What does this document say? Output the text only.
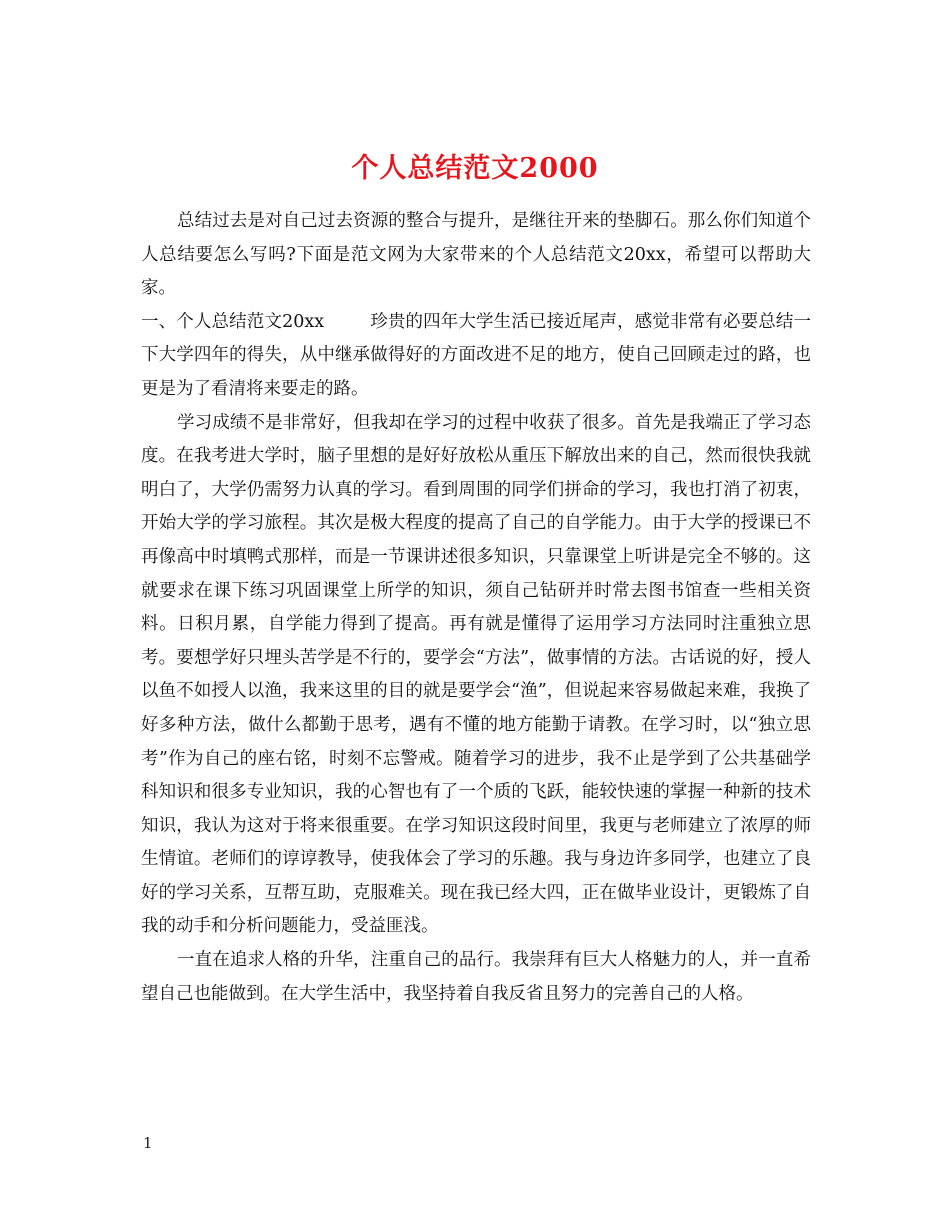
个人总结范文2000

总结过去是对自己过去资源的整合与提升，是继往开来的垫脚石。那么你们知道个人总结要怎么写吗?下面是范文网为大家带来的个人总结范文20xx，希望可以帮助大家。

一、个人总结范文20xx	珍贵的四年大学生活已接近尾声，感觉非常有必要总结一下大学四年的得失，从中继承做得好的方面改进不足的地方，使自己回顾走过的路，也更是为了看清将来要走的路。

学习成绩不是非常好，但我却在学习的过程中收获了很多。首先是我端正了学习态度。在我考进大学时，脑子里想的是好好放松从重压下解放出来的自己，然而很快我就明白了，大学仍需努力认真的学习。看到周围的同学们拼命的学习，我也打消了初衷，开始大学的学习旅程。其次是极大程度的提高了自己的自学能力。由于大学的授课已不再像高中时填鸭式那样，而是一节课讲述很多知识，只靠课堂上听讲是完全不够的。这就要求在课下练习巩固课堂上所学的知识，须自己钻研并时常去图书馆查一些相关资料。日积月累，自学能力得到了提高。再有就是懂得了运用学习方法同时注重独立思考。要想学好只埋头苦学是不行的，要学会“方法”，做事情的方法。古话说的好，授人以鱼不如授人以渔，我来这里的目的就是要学会“渔”，但说起来容易做起来难，我换了好多种方法，做什么都勤于思考，遇有不懂的地方能勤于请教。在学习时，以“独立思考”作为自己的座右铭，时刻不忘警戒。随着学习的进步，我不止是学到了公共基础学科知识和很多专业知识，我的心智也有了一个质的飞跃，能较快速的掌握一种新的技术知识，我认为这对于将来很重要。在学习知识这段时间里，我更与老师建立了浓厚的师生情谊。老师们的谆谆教导，使我体会了学习的乐趣。我与身边许多同学，也建立了良好的学习关系，互帮互助，克服难关。现在我已经大四，正在做毕业设计，更锻炼了自我的动手和分析问题能力，受益匪浅。

一直在追求人格的升华，注重自己的品行。我崇拜有巨大人格魅力的人，并一直希望自己也能做到。在大学生活中，我坚持着自我反省且努力的完善自己的人格。

1
